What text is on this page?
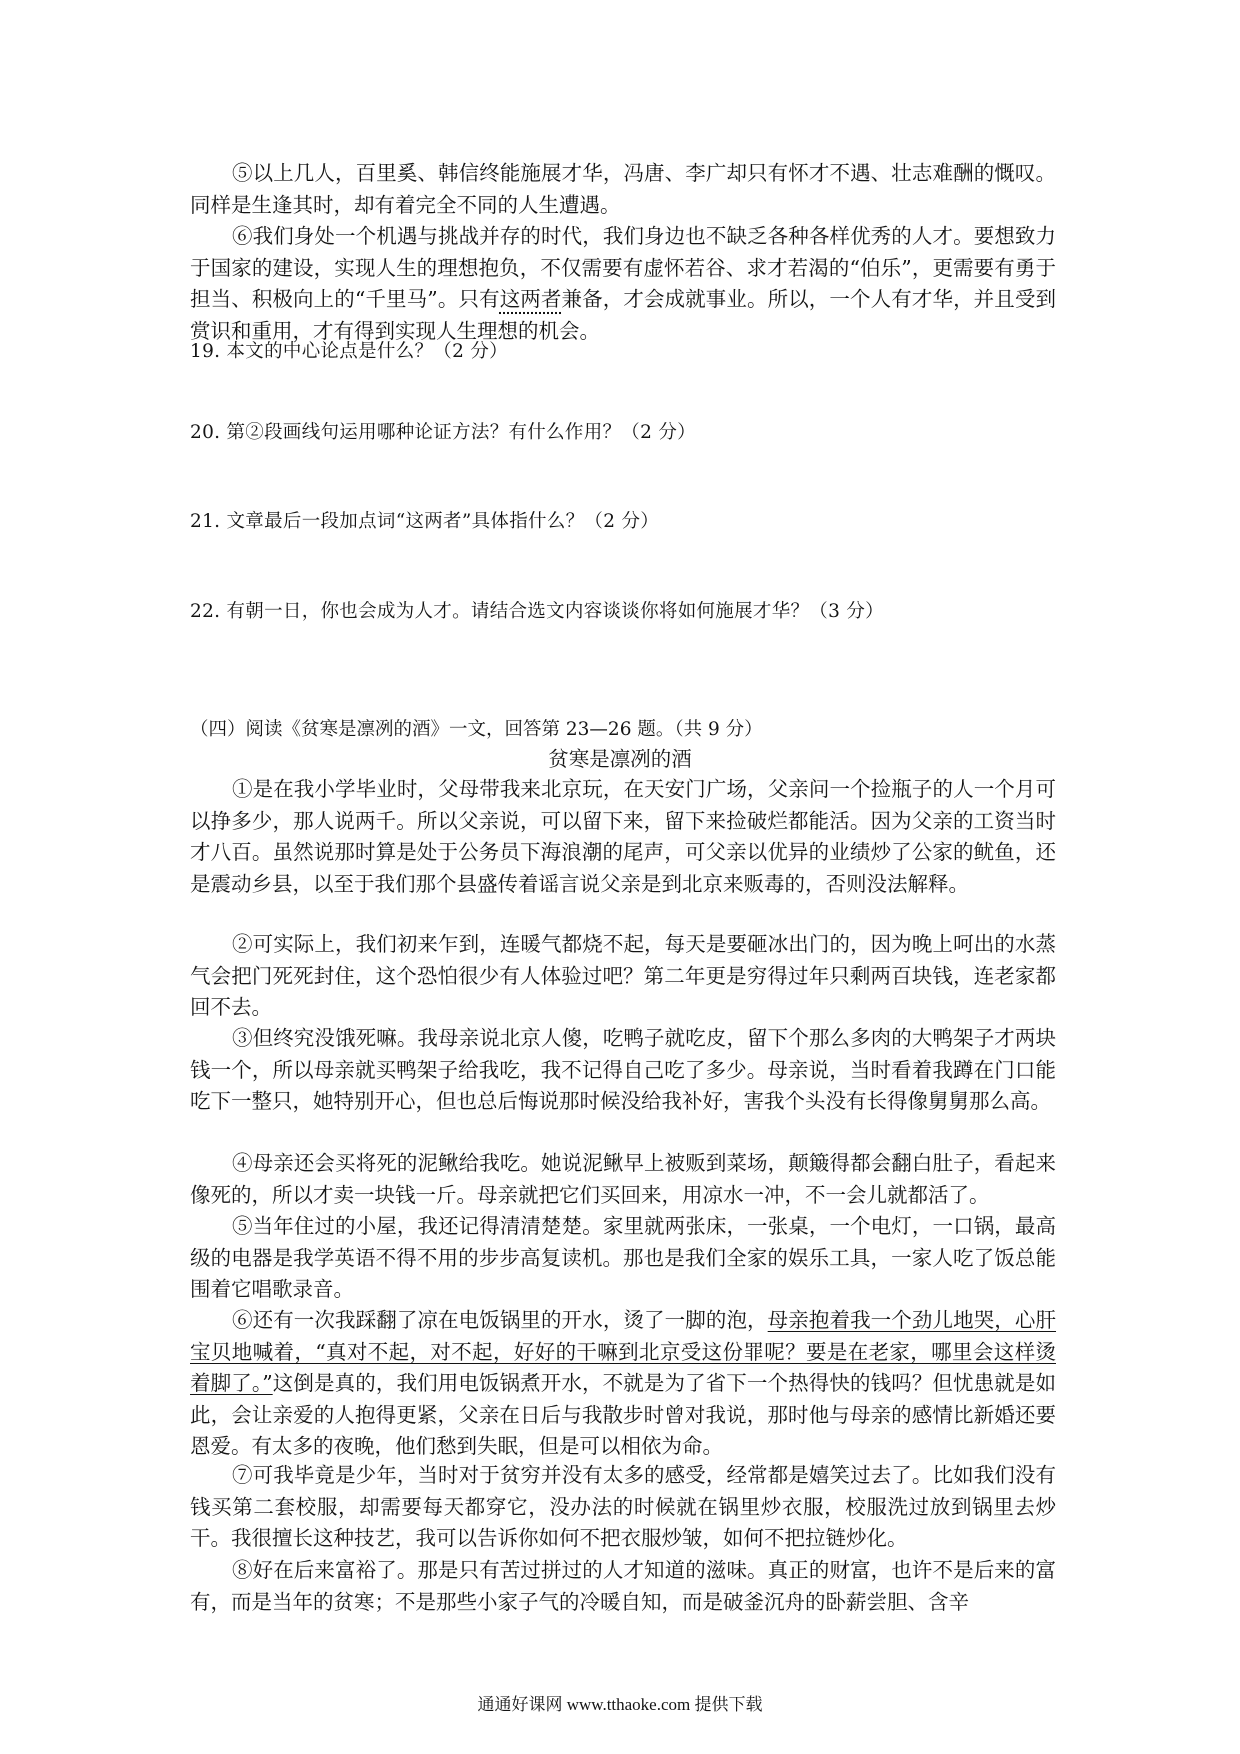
⑤以上几人，百里奚、韩信终能施展才华，冯唐、李广却只有怀才不遇、壮志难酬的慨叹。同样是生逢其时，却有着完全不同的人生遭遇。

⑥我们身处一个机遇与挑战并存的时代，我们身边也不缺乏各种各样优秀的人才。要想致力于国家的建设，实现人生的理想抱负，不仅需要有虚怀若谷、求才若渴的“伯乐”，更需要有勇于担当、积极向上的“千里马”。只有这两者兼备，才会成就事业。所以，一个人有才华，并且受到赏识和重用，才有得到实现人生理想的机会。

19. 本文的中心论点是什么？（2 分）

20. 第②段画线句运用哪种论证方法？有什么作用？（2 分）

21. 文章最后一段加点词“这两者”具体指什么？（2 分）

22. 有朝一日，你也会成为人才。请结合选文内容谈谈你将如何施展才华？（3 分）

（四）阅读《贫寒是凛冽的酒》一文，回答第 23—26 题。（共 9 分）

贫寒是凛冽的酒

①是在我小学毕业时，父母带我来北京玩，在天安门广场，父亲问一个捡瓶子的人一个月可以挣多少，那人说两千。所以父亲说，可以留下来，留下来捡破烂都能活。因为父亲的工资当时才八百。虽然说那时算是处于公务员下海浪潮的尾声，可父亲以优异的业绩炒了公家的鱿鱼，还是震动乡县，以至于我们那个县盛传着谣言说父亲是到北京来贩毒的，否则没法解释。

②可实际上，我们初来乍到，连暖气都烧不起，每天是要砸冰出门的，因为晚上呵出的水蒸气会把门死死封住，这个恐怕很少有人体验过吧？第二年更是穷得过年只剩两百块钱，连老家都回不去。

③但终究没饿死嘛。我母亲说北京人傻，吃鸭子就吃皮，留下个那么多肉的大鸭架子才两块钱一个，所以母亲就买鸭架子给我吃，我不记得自己吃了多少。母亲说，当时看着我蹲在门口能吃下一整只，她特别开心，但也总后悔说那时候没给我补好，害我个头没有长得像舅舅那么高。

④母亲还会买将死的泥鳅给我吃。她说泥鳅早上被贩到菜场，颠簸得都会翻白肚子，看起来像死的，所以才卖一块钱一斤。母亲就把它们买回来，用凉水一冲，不一会儿就都活了。

⑤当年住过的小屋，我还记得清清楚楚。家里就两张床，一张桌，一个电灯，一口锅，最高级的电器是我学英语不得不用的步步高复读机。那也是我们全家的娱乐工具，一家人吃了饭总能围着它唱歌录音。

⑥还有一次我踩翻了凉在电饭锅里的开水，烫了一脚的泡，母亲抱着我一个劲儿地哭，心肝宝贝地喊着，“真对不起，对不起，好好的干嘛到北京受这份罪呢？要是在老家，哪里会这样烫着脚了。”这倒是真的，我们用电饭锅煮开水，不就是为了省下一个热得快的钱吗？但忧患就是如此，会让亲爱的人抱得更紧，父亲在日后与我散步时曾对我说，那时他与母亲的感情比新婚还要恩爱。有太多的夜晚，他们愁到失眠，但是可以相依为命。

⑦可我毕竟是少年，当时对于贫穷并没有太多的感受，经常都是嬉笑过去了。比如我们没有钱买第二套校服，却需要每天都穿它，没办法的时候就在锅里炒衣服，校服洗过放到锅里去炒干。我很擅长这种技艺，我可以告诉你如何不把衣服炒皱，如何不把拉链炒化。

⑧好在后来富裕了。那是只有苦过拼过的人才知道的滋味。真正的财富，也许不是后来的富有，而是当年的贫寒；不是那些小家子气的冷暖自知，而是破釜沉舟的卧薪尝胆、含辛

通通好课网 www.tthaoke.com 提供下载
